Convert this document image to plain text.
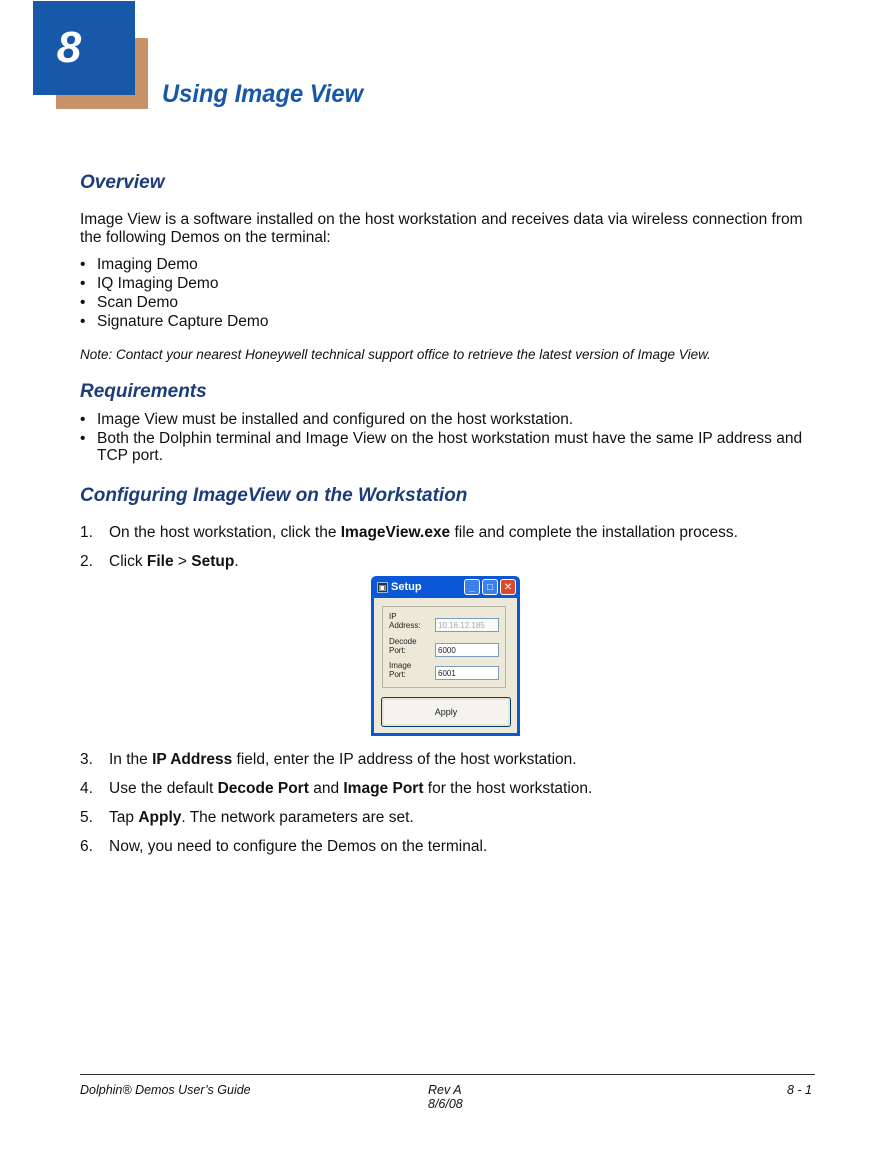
8
Using Image View
Overview
Image View is a software installed on the host workstation and receives data via wireless connection from
the following Demos on the terminal:
• Imaging Demo
• IQ Imaging Demo
• Scan Demo
• Signature Capture Demo
Note: Contact your nearest Honeywell technical support office to retrieve the latest version of Image View.
Requirements
• Image View must be installed and configured on the host workstation.
• Both the Dolphin terminal and Image View on the host workstation must have the same IP address and
TCP port.
Configuring ImageView on the Workstation
1. On the host workstation, click the ImageView.exe file and complete the installation process.
2. Click File > Setup.
▣ Setup	_	□	✕
IP
Address:	10.16.12.185
Decode
Port:	6000
Image
Port:	6001
Apply
3. In the IP Address field, enter the IP address of the host workstation.
4. Use the default Decode Port and Image Port for the host workstation.
5. Tap Apply. The network parameters are set.
6. Now, you need to configure the Demos on the terminal.
Dolphin® Demos User’s Guide	Rev A
8/6/08
8 - 1
